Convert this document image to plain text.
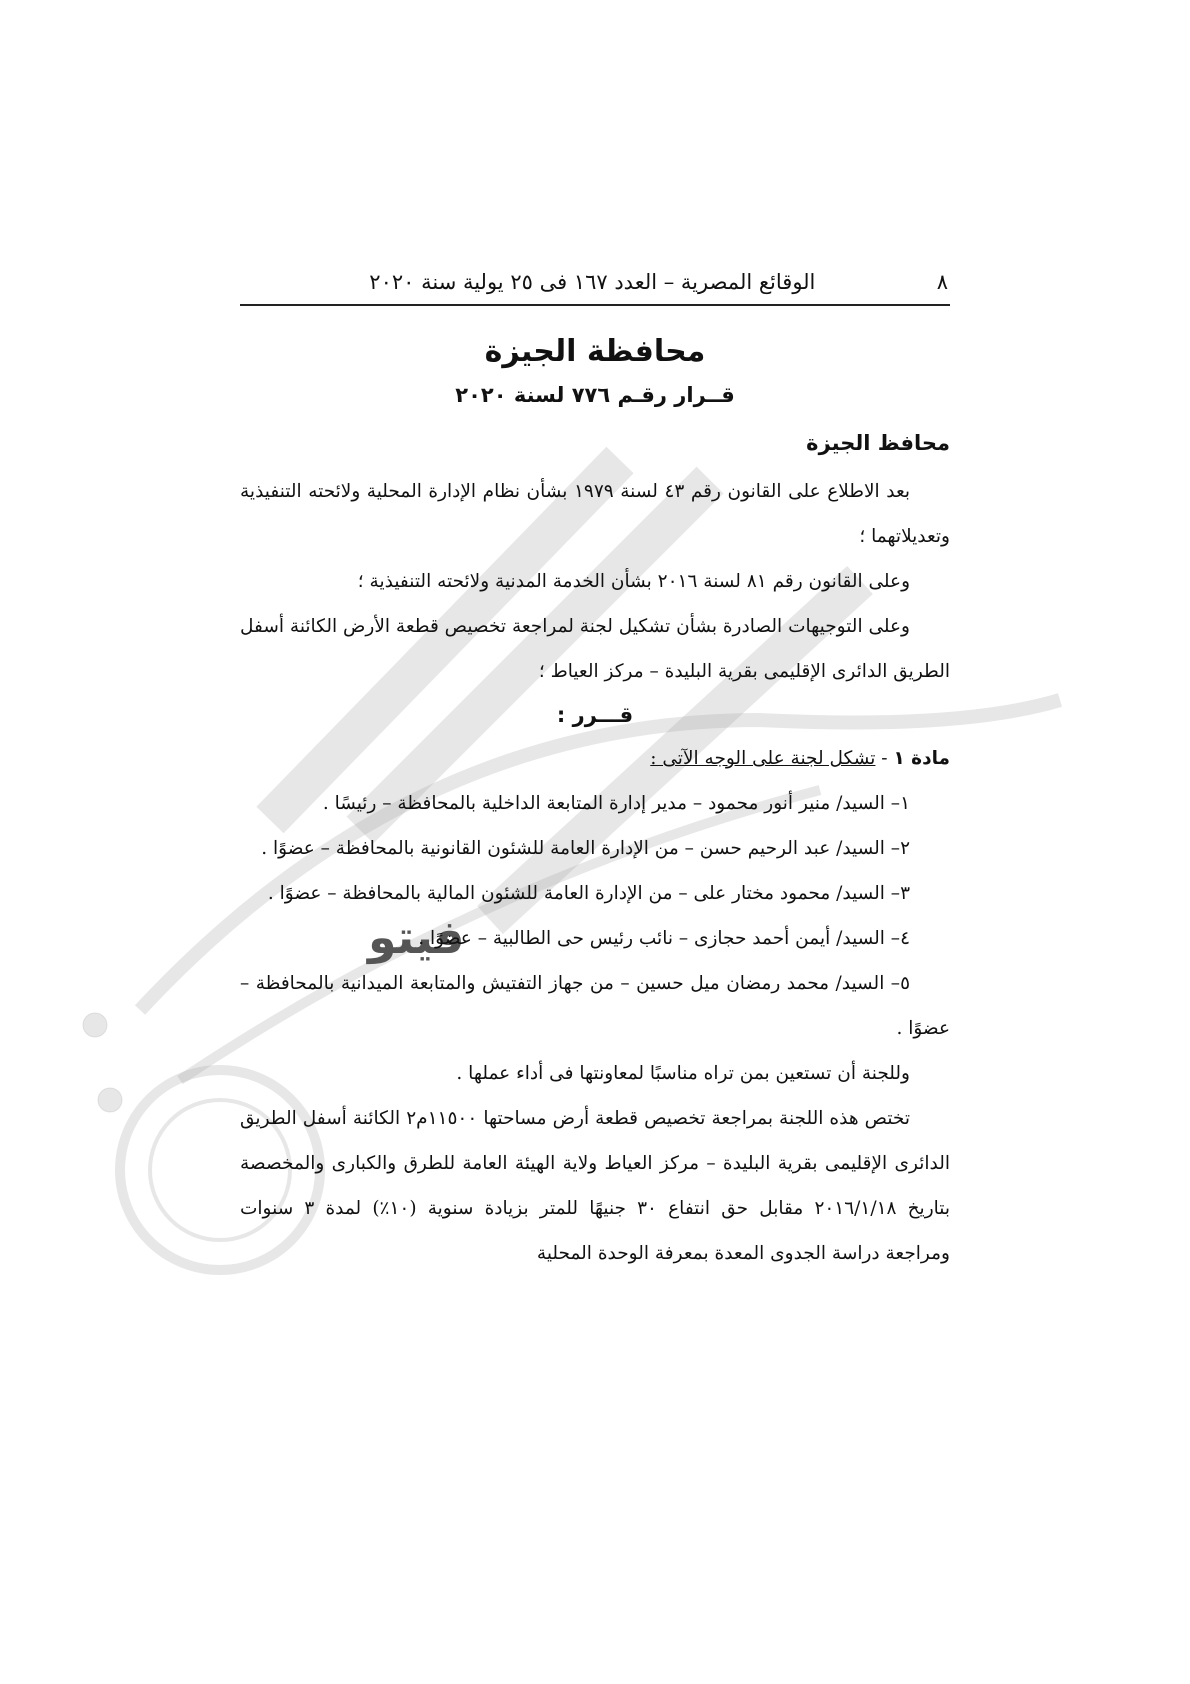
فيتو
٨
الوقائع المصرية – العدد ١٦٧ فى ٢٥ يولية سنة ٢٠٢٠
محافظة الجيزة
قــرار رقـم ٧٧٦ لسنة ٢٠٢٠
محافظ الجيزة

بعد الاطلاع على القانون رقم ٤٣ لسنة ١٩٧٩ بشأن نظام الإدارة المحلية ولائحته التنفيذية وتعديلاتهما ؛

وعلى القانون رقم ٨١ لسنة ٢٠١٦ بشأن الخدمة المدنية ولائحته التنفيذية ؛

وعلى التوجيهات الصادرة بشأن تشكيل لجنة لمراجعة تخصيص قطعة الأرض الكائنة أسفل الطريق الدائرى الإقليمى بقرية البليدة – مركز العياط ؛

قـــرر :

مادة ١ - تشكل لجنة على الوجه الآتى :

١– السيد/ منير أنور محمود – مدير إدارة المتابعة الداخلية بالمحافظة – رئيسًا .

٢– السيد/ عبد الرحيم حسن – من الإدارة العامة للشئون القانونية بالمحافظة – عضوًا .

٣– السيد/ محمود مختار على – من الإدارة العامة للشئون المالية بالمحافظة – عضوًا .

٤– السيد/ أيمن أحمد حجازى – نائب رئيس حى الطالبية – عضوًا .

٥– السيد/ محمد رمضان ميل حسين – من جهاز التفتيش والمتابعة الميدانية بالمحافظة – عضوًا .

وللجنة أن تستعين بمن تراه مناسبًا لمعاونتها فى أداء عملها .

تختص هذه اللجنة بمراجعة تخصيص قطعة أرض مساحتها ١١٥٠٠م٢ الكائنة أسفل الطريق الدائرى الإقليمى بقرية البليدة – مركز العياط ولاية الهيئة العامة للطرق والكبارى والمخصصة بتاريخ ٢٠١٦/١/١٨ مقابل حق انتفاع ٣٠ جنيهًا للمتر بزيادة سنوية (١٠٪) لمدة ٣ سنوات ومراجعة دراسة الجدوى المعدة بمعرفة الوحدة المحلية
